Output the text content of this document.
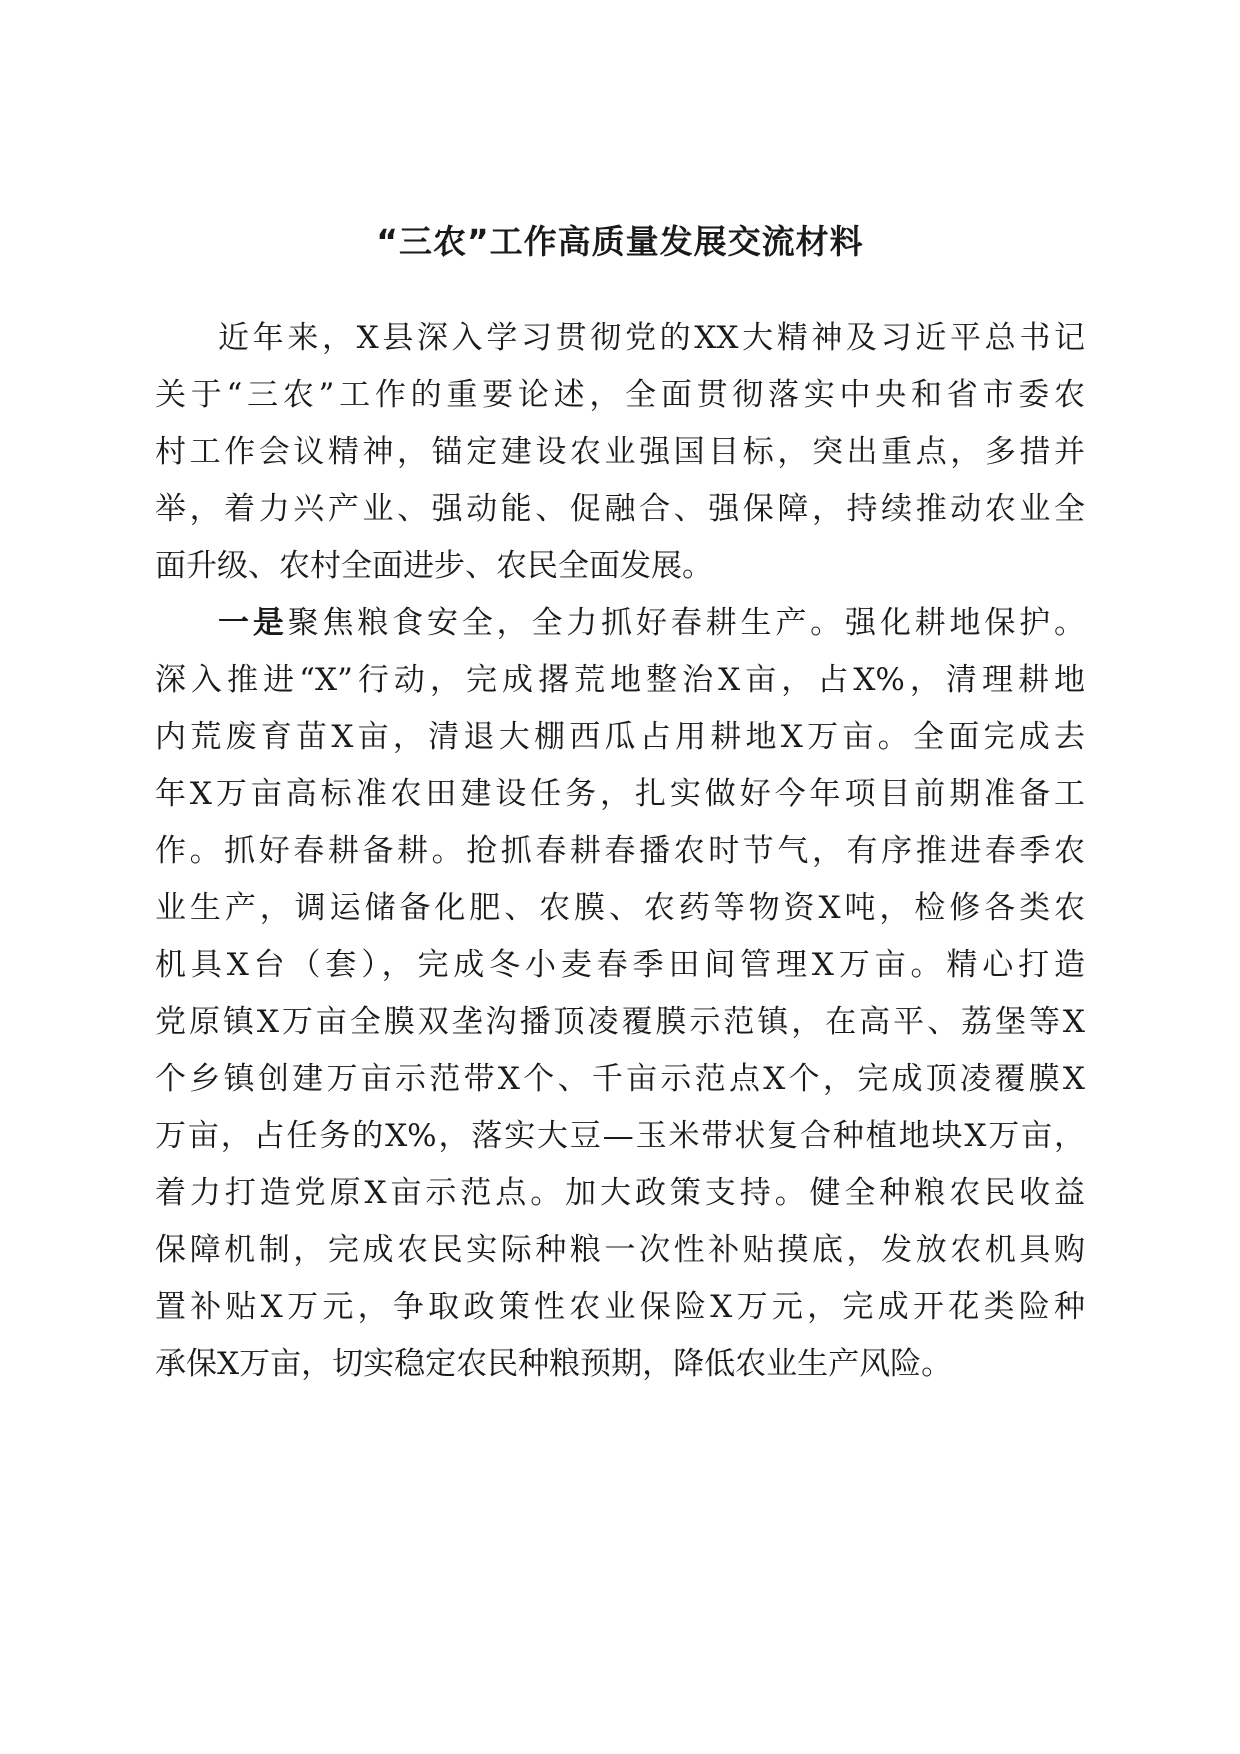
“三农”工作高质量发展交流材料

近年来，X县深入学习贯彻党的XX大精神及习近平总书记

关于“三农”工作的重要论述，全面贯彻落实中央和省市委农

村工作会议精神，锚定建设农业强国目标，突出重点，多措并

举，着力兴产业、强动能、促融合、强保障，持续推动农业全

面升级、农村全面进步、农民全面发展。

一是聚焦粮食安全，全力抓好春耕生产。强化耕地保护。

深入推进“X”行动，完成撂荒地整治X亩，占X%，清理耕地

内荒废育苗X亩，清退大棚西瓜占用耕地X万亩。全面完成去

年X万亩高标准农田建设任务，扎实做好今年项目前期准备工

作。抓好春耕备耕。抢抓春耕春播农时节气，有序推进春季农

业生产，调运储备化肥、农膜、农药等物资X吨，检修各类农

机具X台（套），完成冬小麦春季田间管理X万亩。精心打造

党原镇X万亩全膜双垄沟播顶凌覆膜示范镇，在高平、荔堡等X

个乡镇创建万亩示范带X个、千亩示范点X个，完成顶凌覆膜X

万亩，占任务的X%，落实大豆—玉米带状复合种植地块X万亩，

着力打造党原X亩示范点。加大政策支持。健全种粮农民收益

保障机制，完成农民实际种粮一次性补贴摸底，发放农机具购

置补贴X万元，争取政策性农业保险X万元，完成开花类险种

承保X万亩，切实稳定农民种粮预期，降低农业生产风险。
